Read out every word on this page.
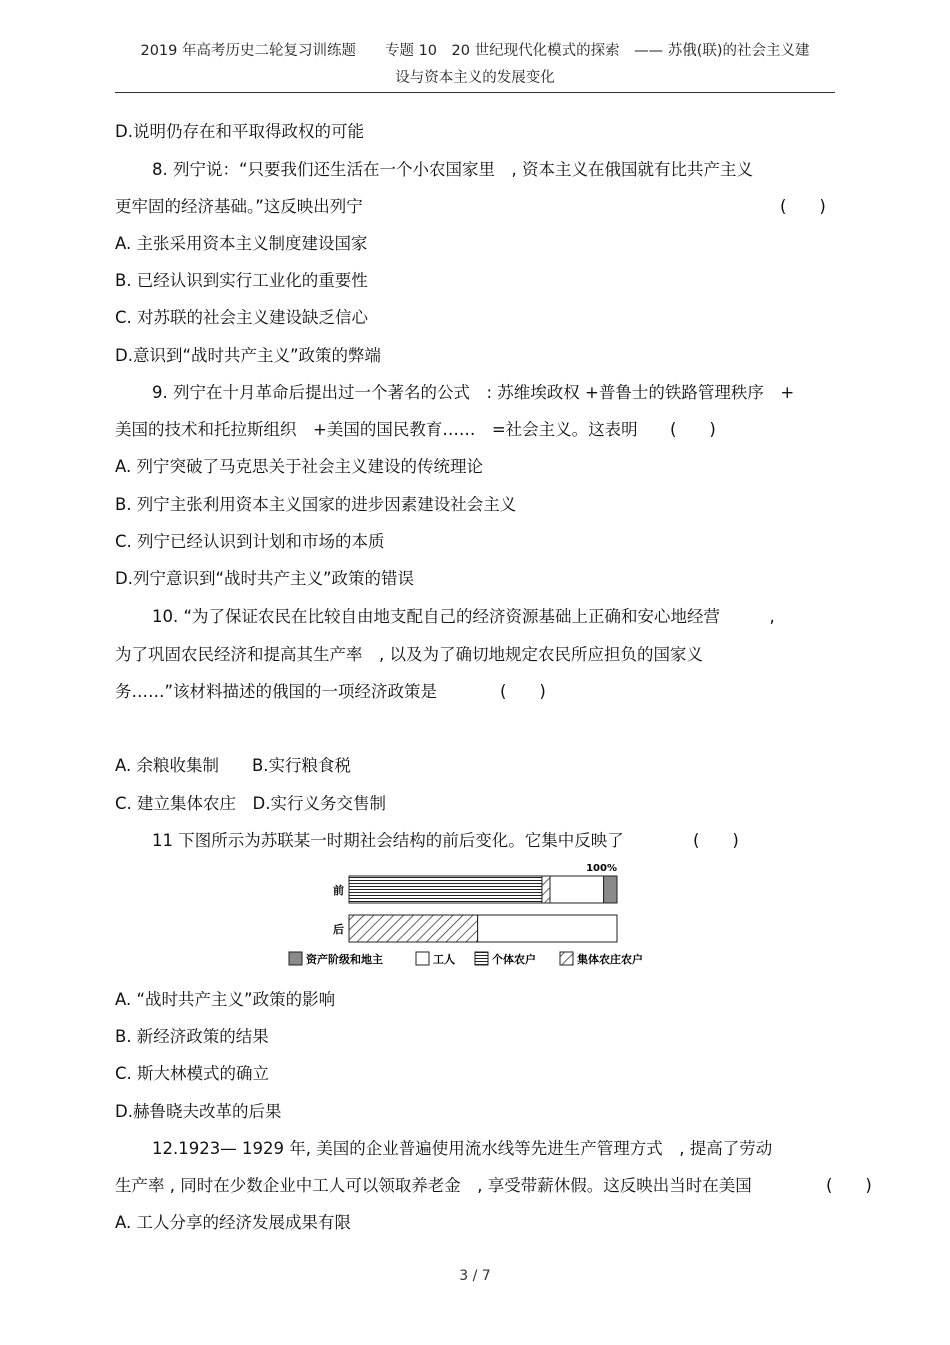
2019 年高考历史二轮复习训练题　　专题 10　20 世纪现代化模式的探索　—— 苏俄(联)的社会主义建
设与资本主义的发展变化
D.说明仍存在和平取得政权的可能
8. 列宁说：“只要我们还生活在一个小农国家里　, 资本主义在俄国就有比共产主义
更牢固的经济基础。”这反映出列宁	(　　)
A. 主张采用资本主义制度建设国家
B. 已经认识到实行工业化的重要性
C. 对苏联的社会主义建设缺乏信心
D.意识到“战时共产主义”政策的弊端
9. 列宁在十月革命后提出过一个著名的公式　: 苏维埃政权 +普鲁士的铁路管理秩序　+
美国的技术和托拉斯组织　+美国的国民教育……　=社会主义。这表明 (　　)
A. 列宁突破了马克思关于社会主义建设的传统理论
B. 列宁主张利用资本主义国家的进步因素建设社会主义
C. 列宁已经认识到计划和市场的本质
D.列宁意识到“战时共产主义”政策的错误
10. “为了保证农民在比较自由地支配自己的经济资源基础上正确和安心地经营　　　,
为了巩固农民经济和提高其生产率　, 以及为了确切地规定农民所应担负的国家义
务……”该材料描述的俄国的一项经济政策是	(　　)
A. 余粮收集制　　B.实行粮食税
C. 建立集体农庄　D.实行义务交售制
11 下图所示为苏联某一时期社会结构的前后变化。它集中反映了	(　　)
前
后
100%
资产阶级和地主	工人	个体农户	集体农庄农户
A. “战时共产主义”政策的影响
B. 新经济政策的结果
C. 斯大林模式的确立
D.赫鲁晓夫改革的后果
12.1923— 1929 年, 美国的企业普遍使用流水线等先进生产管理方式　, 提高了劳动
生产率 , 同时在少数企业中工人可以领取养老金　, 享受带薪休假。这反映出当时在美国	(　　)
A. 工人分享的经济发展成果有限
3 / 7
